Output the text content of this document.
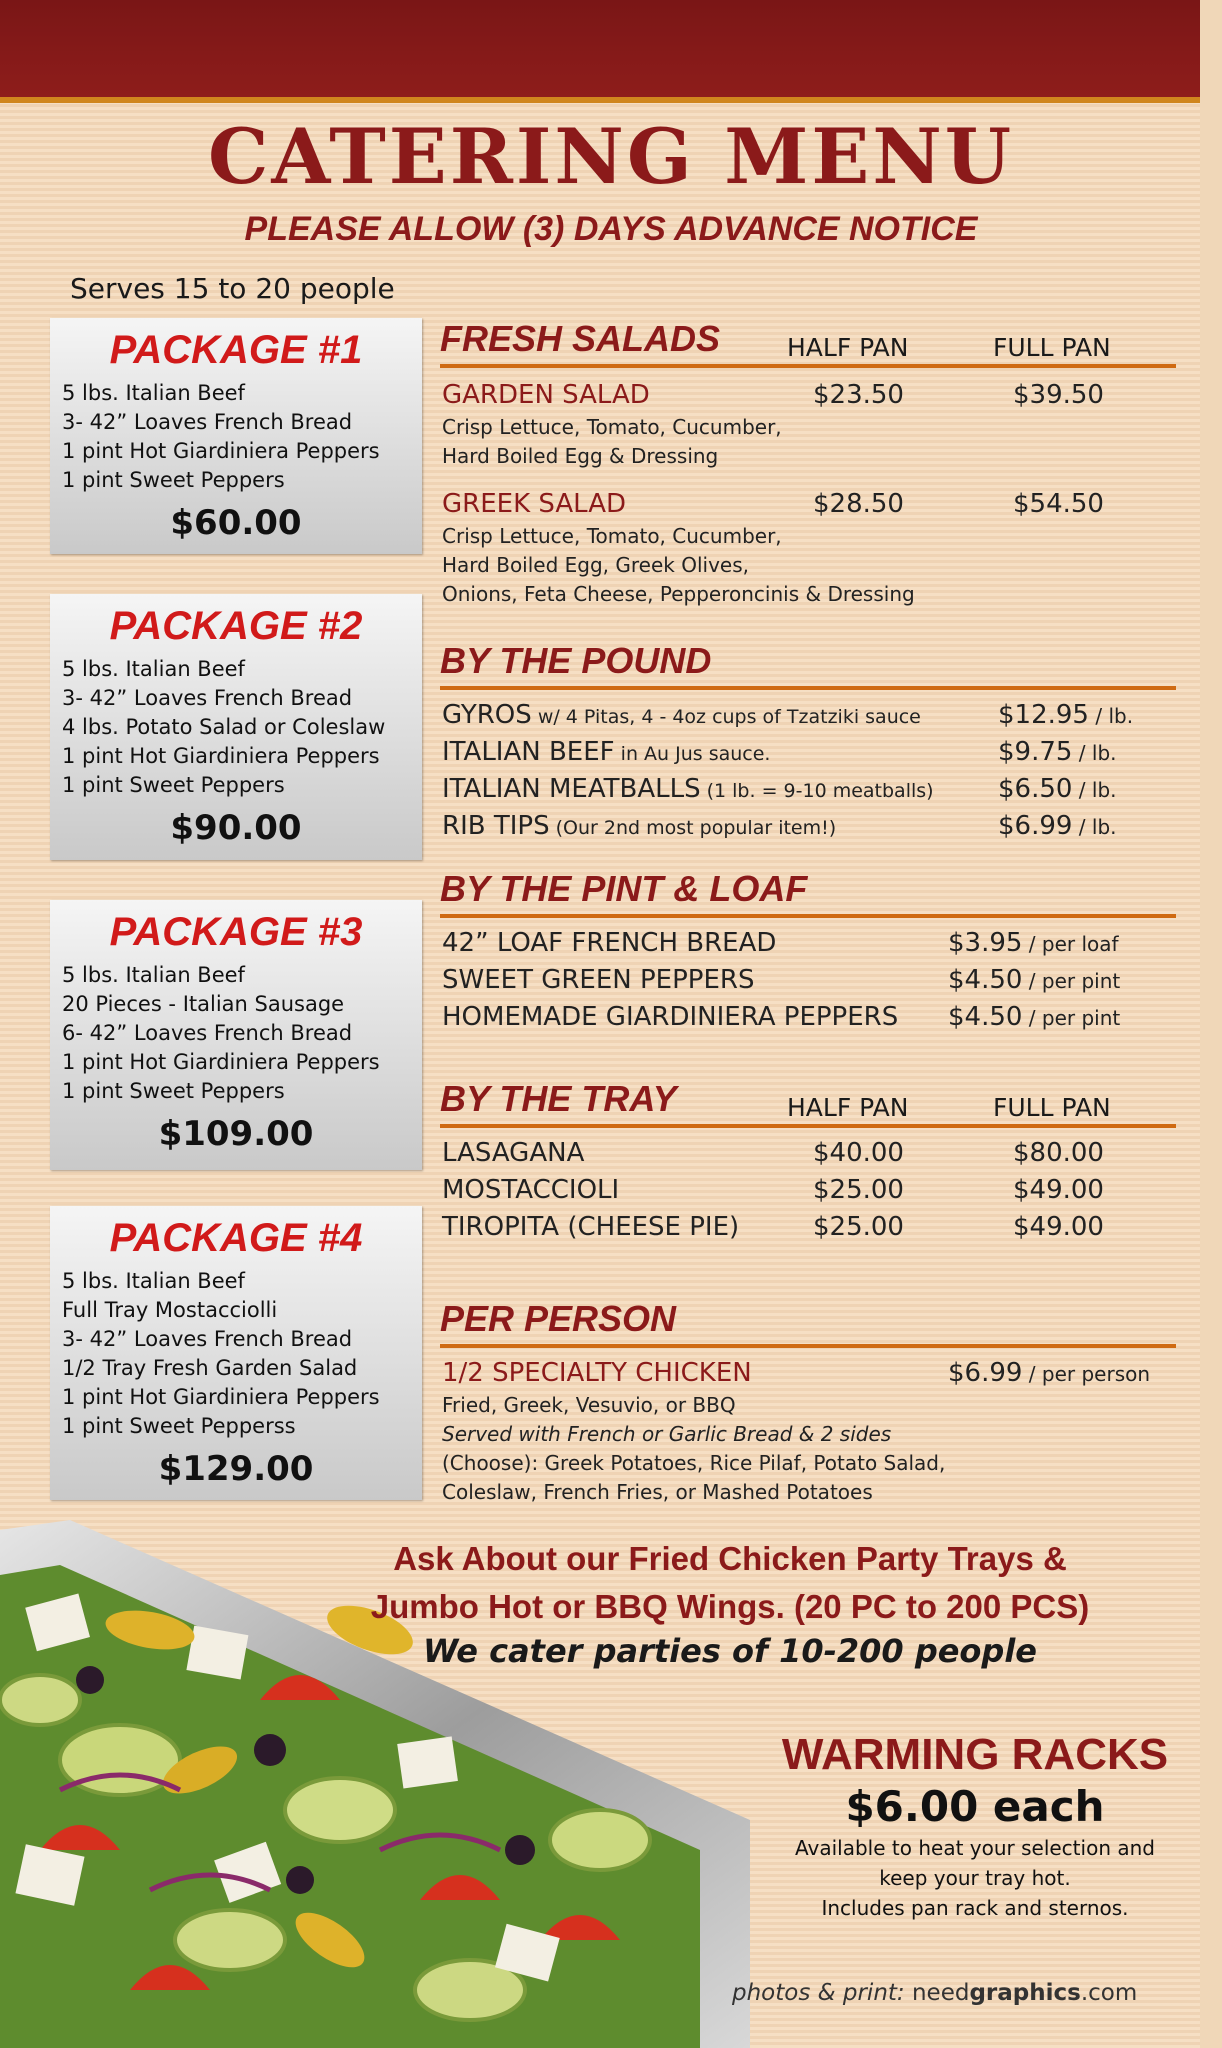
CATERING MENU
PLEASE ALLOW (3) DAYS ADVANCE NOTICE
Serves 15 to 20 people
PACKAGE #1
5 lbs. Italian Beef
3- 42” Loaves French Bread
1 pint Hot Giardiniera Peppers
1 pint Sweet Peppers
$60.00
PACKAGE #2
5 lbs. Italian Beef
3- 42” Loaves French Bread
4 lbs. Potato Salad or Coleslaw
1 pint Hot Giardiniera Peppers
1 pint Sweet Peppers
$90.00
PACKAGE #3
5 lbs. Italian Beef
20 Pieces - Italian Sausage
6- 42” Loaves French Bread
1 pint Hot Giardiniera Peppers
1 pint Sweet Peppers
$109.00
PACKAGE #4
5 lbs. Italian Beef
Full Tray Mostacciolli
3- 42” Loaves French Bread
1/2 Tray Fresh Garden Salad
1 pint Hot Giardiniera Peppers
1 pint Sweet Pepperss
$129.00
FRESH SALADS	HALF PAN	FULL PAN
GARDEN SALAD	$23.50	$39.50
Crisp Lettuce, Tomato, Cucumber,
Hard Boiled Egg & Dressing
GREEK SALAD	$28.50	$54.50
Crisp Lettuce, Tomato, Cucumber,
Hard Boiled Egg, Greek Olives,
Onions, Feta Cheese, Pepperoncinis & Dressing
BY THE POUND
GYROS w/ 4 Pitas, 4 - 4oz cups of Tzatziki sauce	$12.95 / lb.
ITALIAN BEEF in Au Jus sauce.	$9.75 / lb.
ITALIAN MEATBALLS (1 lb. = 9-10 meatballs) $6.50 / lb.
RIB TIPS (Our 2nd most popular item!)	$6.99 / lb.
BY THE PINT & LOAF
42” LOAF FRENCH BREAD	$3.95 / per loaf
SWEET GREEN PEPPERS	$4.50 / per pint
HOMEMADE GIARDINIERA PEPPERS $4.50 / per pint
BY THE TRAY	HALF PAN	FULL PAN
LASAGANA	$40.00	$80.00
MOSTACCIOLI	$25.00	$49.00
TIROPITA (CHEESE PIE)	$25.00	$49.00
PER PERSON
1/2 SPECIALTY CHICKEN	$6.99 / per person
Fried, Greek, Vesuvio, or BBQ
Served with French or Garlic Bread & 2 sides
(Choose): Greek Potatoes, Rice Pilaf, Potato Salad,
Coleslaw, French Fries, or Mashed Potatoes
Ask About our Fried Chicken Party Trays &
Jumbo Hot or BBQ Wings. (20 PC to 200 PCS)
We cater parties of 10-200 people
WARMING RACKS
$6.00 each
Available to heat your selection and
keep your tray hot.
Includes pan rack and sternos.
photos & print: needgraphics.com
